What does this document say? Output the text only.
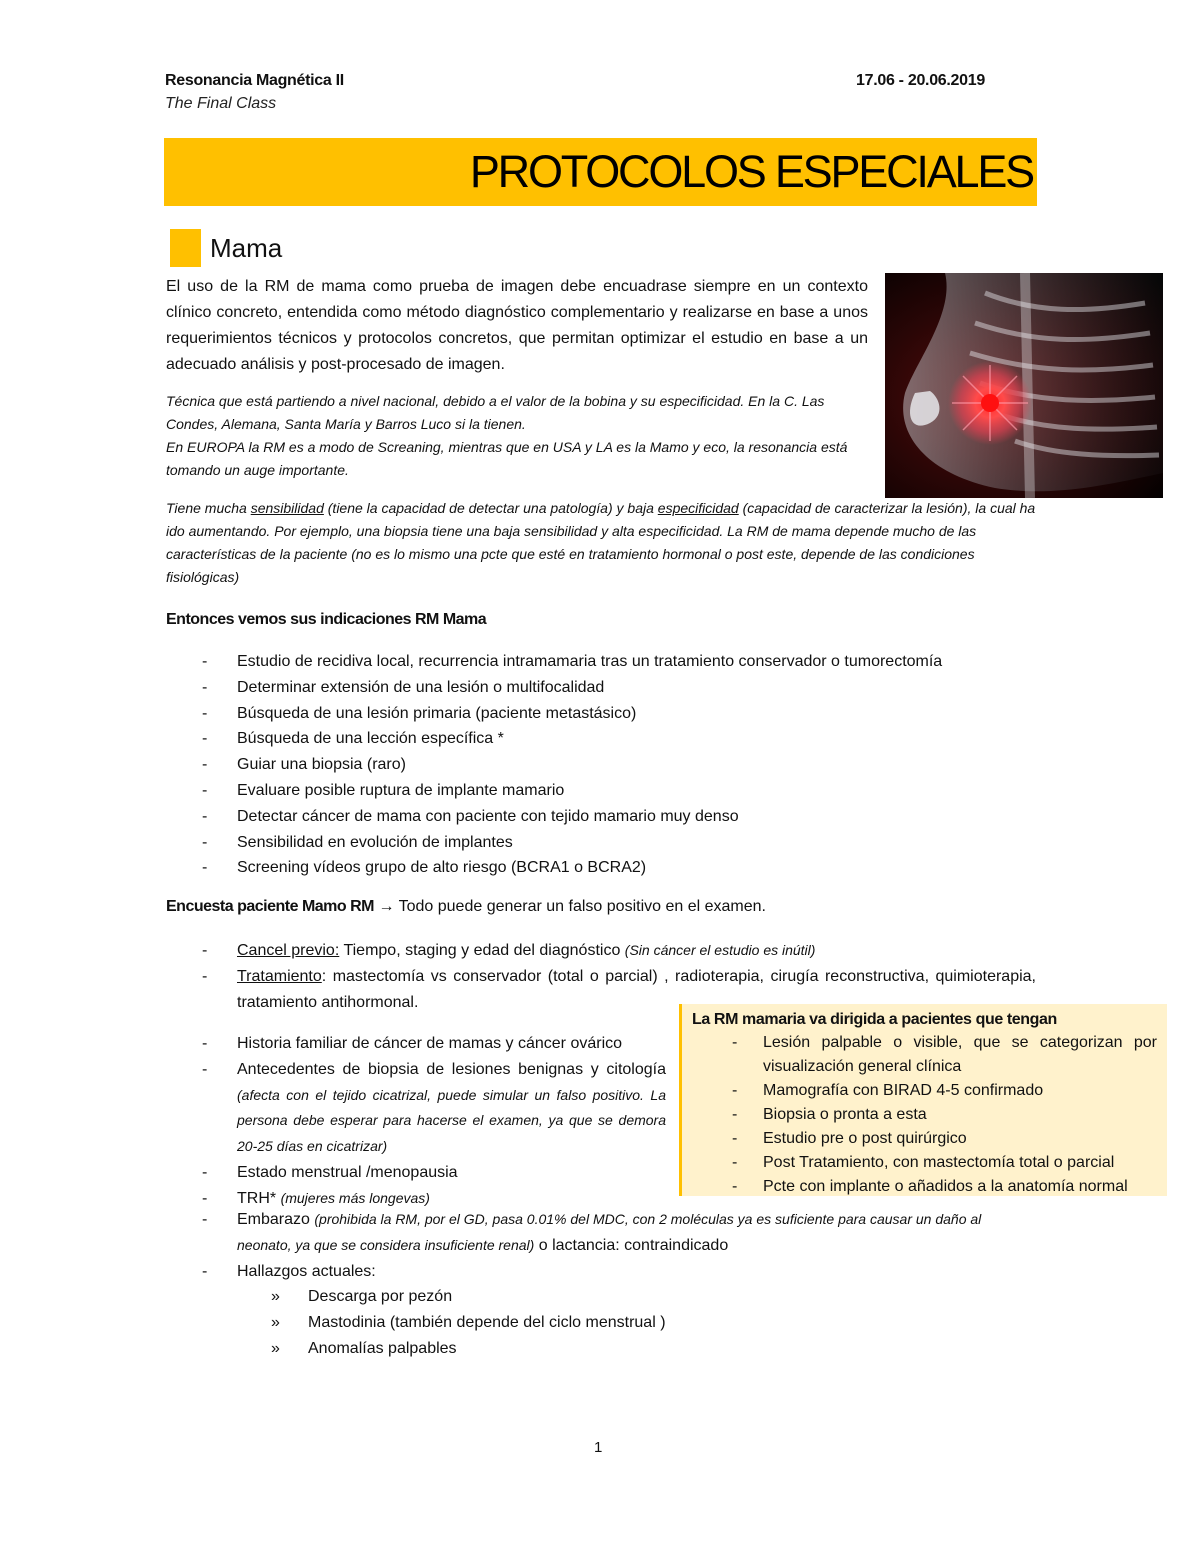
Resonancia Magnética II
The Final Class
17.06 - 20.06.2019
PROTOCOLOS ESPECIALES
Mama
El uso de la RM de mama como prueba de imagen debe encuadrase siempre en un contexto clínico concreto, entendida como método diagnóstico complementario y realizarse en base a unos requerimientos técnicos y protocolos concretos, que permitan optimizar el estudio en base a un adecuado análisis y post-procesado de imagen.
Técnica que está partiendo a nivel nacional, debido a el valor de la bobina y su especificidad. En la C. Las Condes, Alemana, Santa María y Barros Luco si la tienen.
En EUROPA la RM es a modo de Screaning, mientras que en USA y LA es la Mamo y eco, la resonancia está tomando un auge importante.
Tiene mucha sensibilidad (tiene la capacidad de detectar una patología) y baja especificidad (capacidad de caracterizar la lesión), la cual ha ido aumentando. Por ejemplo, una biopsia tiene una baja sensibilidad y alta especificidad. La RM de mama depende mucho de las características de la paciente (no es lo mismo una pcte que esté en tratamiento hormonal o post este, depende de las condiciones fisiológicas)
Entonces vemos sus indicaciones RM Mama
- Estudio de recidiva local, recurrencia intramamaria tras un tratamiento conservador o tumorectomía
- Determinar extensión de una lesión o multifocalidad
- Búsqueda de una lesión primaria (paciente metastásico)
- Búsqueda de una lección específica *
- Guiar una biopsia (raro)
- Evaluare posible ruptura de implante mamario
- Detectar cáncer de mama con paciente con tejido mamario muy denso
- Sensibilidad en evolución de implantes
- Screening vídeos grupo de alto riesgo (BCRA1 o BCRA2)
Encuesta paciente Mamo RM → Todo puede generar un falso positivo en el examen.
- Cancel previo: Tiempo, staging y edad del diagnóstico (Sin cáncer el estudio es inútil)
- Tratamiento: mastectomía vs conservador (total o parcial) , radioterapia, cirugía reconstructiva, quimioterapia, tratamiento antihormonal.
- Historia familiar de cáncer de mamas y cáncer ovárico
- Antecedentes de biopsia de lesiones benignas y citología (afecta con el tejido cicatrizal, puede simular un falso positivo. La persona debe esperar para hacerse el examen, ya que se demora 20-25 días en cicatrizar)
- Estado menstrual /menopausia
- TRH* (mujeres más longevas)
- Embarazo (prohibida la RM, por el GD, pasa 0.01% del MDC, con 2 moléculas ya es suficiente para causar un daño al neonato, ya que se considera insuficiente renal) o lactancia: contraindicado
- Hallazgos actuales:
» Descarga por pezón
» Mastodinia (también depende del ciclo menstrual )
» Anomalías palpables
La RM mamaria va dirigida a pacientes que tengan
- Lesión palpable o visible, que se categorizan por visualización general clínica
- Mamografía con BIRAD 4-5 confirmado
- Biopsia o pronta a esta
- Estudio pre o post quirúrgico
- Post Tratamiento, con mastectomía total o parcial
- Pcte con implante o añadidos a la anatomía normal
1
